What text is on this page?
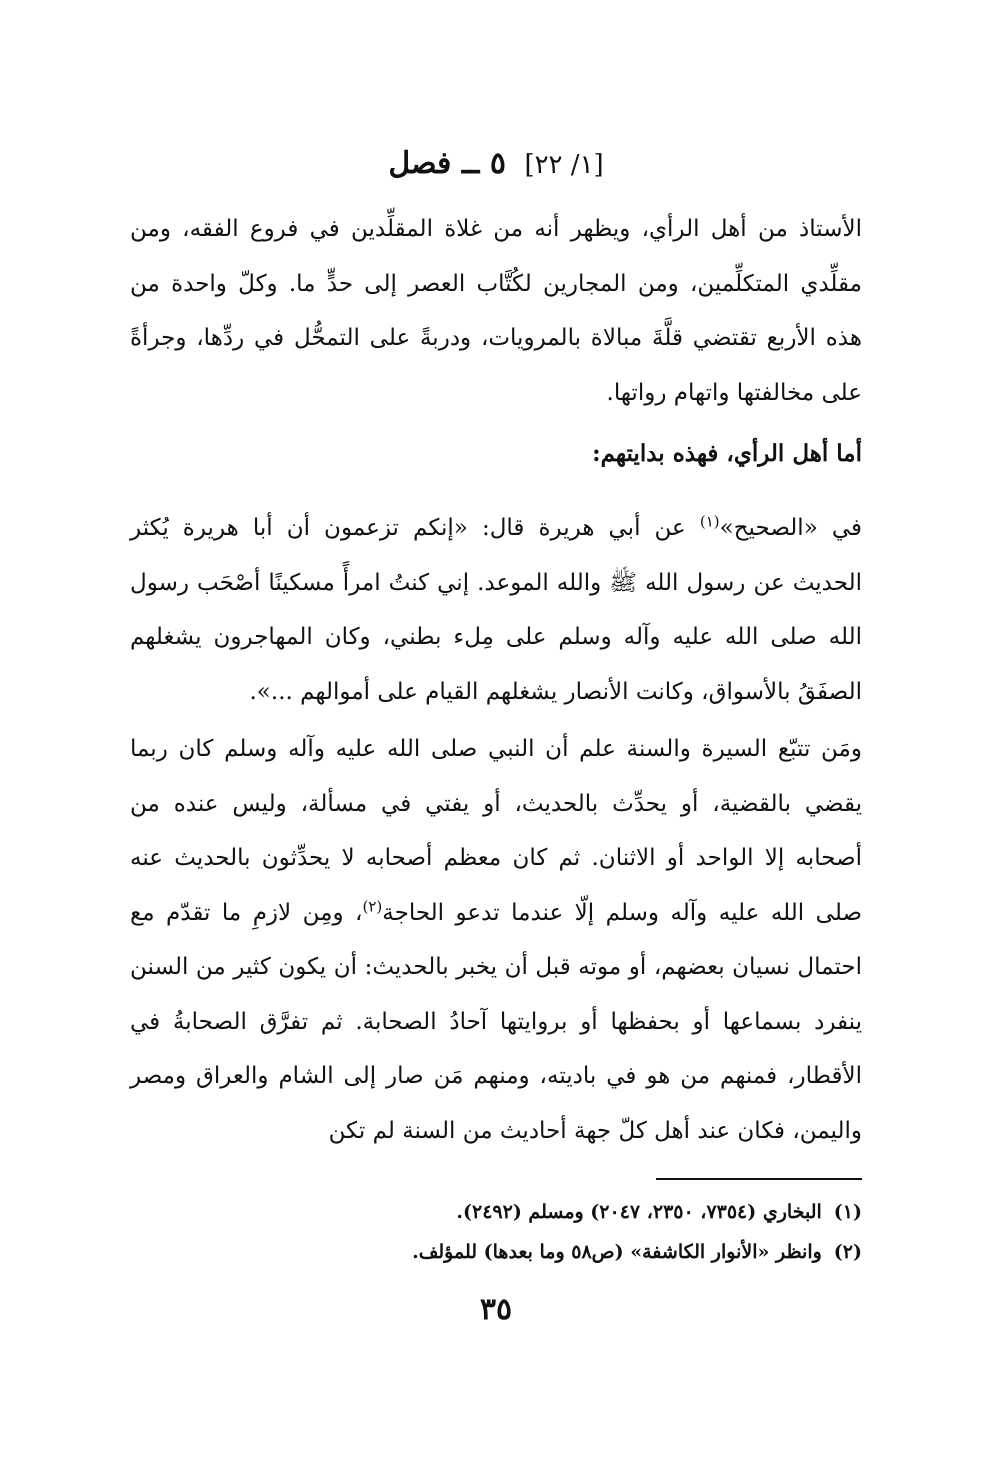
[١/ ٢٢] ٥ ــ فصل

الأستاذ من أهل الرأي، ويظهر أنه من غلاة المقلِّدين في فروع الفقه، ومن مقلِّدي المتكلِّمين، ومن المجارين لكُتَّاب العصر إلى حدٍّ ما. وكلّ واحدة من هذه الأربع تقتضي قلَّةَ مبالاة بالمرويات، ودربةً على التمحُّل في ردِّها، وجرأةً على مخالفتها واتهام رواتها.

أما أهل الرأي، فهذه بدايتهم:

في «الصحيح»$^{(١)}$ عن أبي هريرة قال: «إنكم تزعمون أن أبا هريرة يُكثر الحديث عن رسول الله ﷺ والله الموعد. إني كنتُ امرأً مسكينًا أصْحَب رسول الله صلى الله عليه وآله وسلم على مِلء بطني، وكان المهاجرون يشغلهم الصفَقُ بالأسواق، وكانت الأنصار يشغلهم القيام على أموالهم ...».

ومَن تتبّع السيرة والسنة علم أن النبي صلى الله عليه وآله وسلم كان ربما يقضي بالقضية، أو يحدِّث بالحديث، أو يفتي في مسألة، وليس عنده من أصحابه إلا الواحد أو الاثنان. ثم كان معظم أصحابه لا يحدِّثون بالحديث عنه صلى الله عليه وآله وسلم إلّا عندما تدعو الحاجة$^{(٢)}$، ومِن لازمِ ما تقدّم مع احتمال نسيان بعضهم، أو موته قبل أن يخبر بالحديث: أن يكون كثير من السنن ينفرد بسماعها أو بحفظها أو بروايتها آحادُ الصحابة. ثم تفرَّق الصحابةُ في الأقطار، فمنهم من هو في باديته، ومنهم مَن صار إلى الشام والعراق ومصر واليمن، فكان عند أهل كلّ جهة أحاديث من السنة لم تكن

(١)البخاري (٧٣٥٤، ٢٣٥٠، ٢٠٤٧) ومسلم (٢٤٩٢).
(٢)وانظر «الأنوار الكاشفة» (ص٥٨ وما بعدها) للمؤلف.
٣٥
